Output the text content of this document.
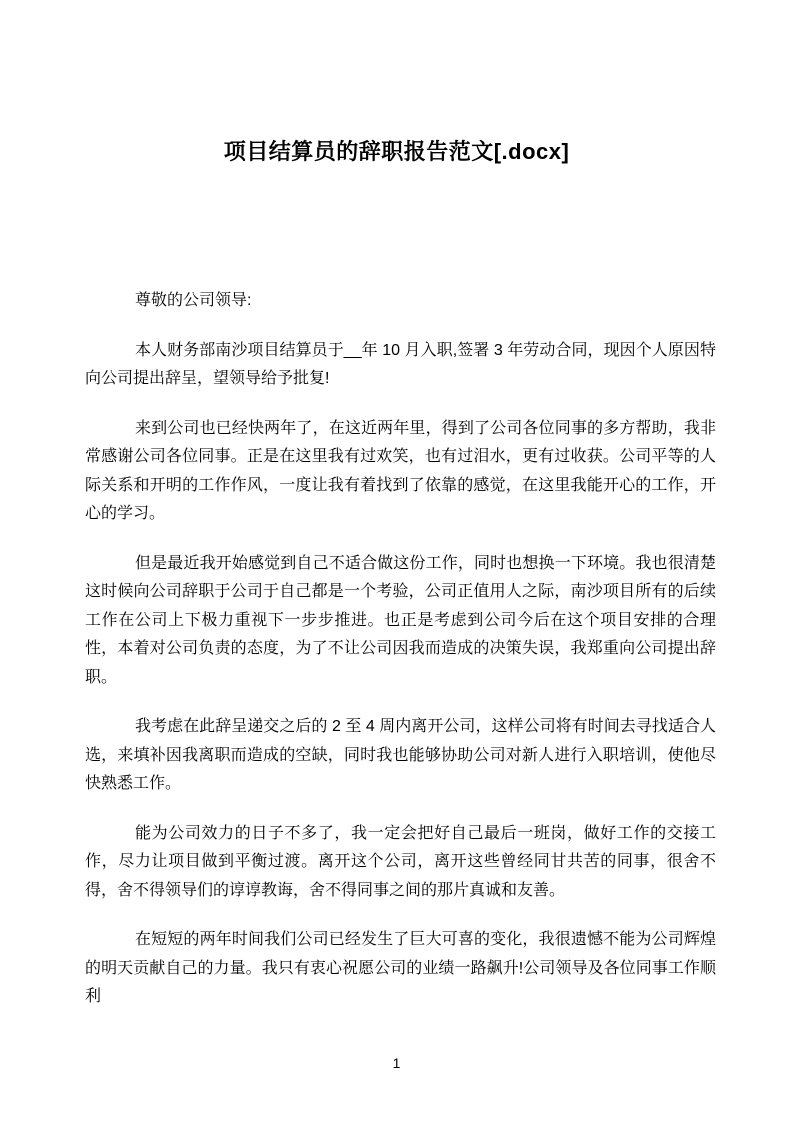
项目结算员的辞职报告范文[.docx]

尊敬的公司领导:

本人财务部南沙项目结算员于__年 10 月入职,签署 3 年劳动合同，现因个人原因特向公司提出辞呈，望领导给予批复!

来到公司也已经快两年了，在这近两年里，得到了公司各位同事的多方帮助，我非常感谢公司各位同事。正是在这里我有过欢笑，也有过泪水，更有过收获。公司平等的人际关系和开明的工作作风，一度让我有着找到了依靠的感觉，在这里我能开心的工作，开心的学习。

但是最近我开始感觉到自己不适合做这份工作，同时也想换一下环境。我也很清楚这时候向公司辞职于公司于自己都是一个考验，公司正值用人之际，南沙项目所有的后续工作在公司上下极力重视下一步步推进。也正是考虑到公司今后在这个项目安排的合理性，本着对公司负责的态度，为了不让公司因我而造成的决策失误，我郑重向公司提出辞职。

我考虑在此辞呈递交之后的 2 至 4 周内离开公司，这样公司将有时间去寻找适合人选，来填补因我离职而造成的空缺，同时我也能够协助公司对新人进行入职培训，使他尽快熟悉工作。

能为公司效力的日子不多了，我一定会把好自己最后一班岗，做好工作的交接工作，尽力让项目做到平衡过渡。离开这个公司，离开这些曾经同甘共苦的同事，很舍不得，舍不得领导们的谆谆教诲，舍不得同事之间的那片真诚和友善。

在短短的两年时间我们公司已经发生了巨大可喜的变化，我很遗憾不能为公司辉煌的明天贡献自己的力量。我只有衷心祝愿公司的业绩一路飙升!公司领导及各位同事工作顺利

1
